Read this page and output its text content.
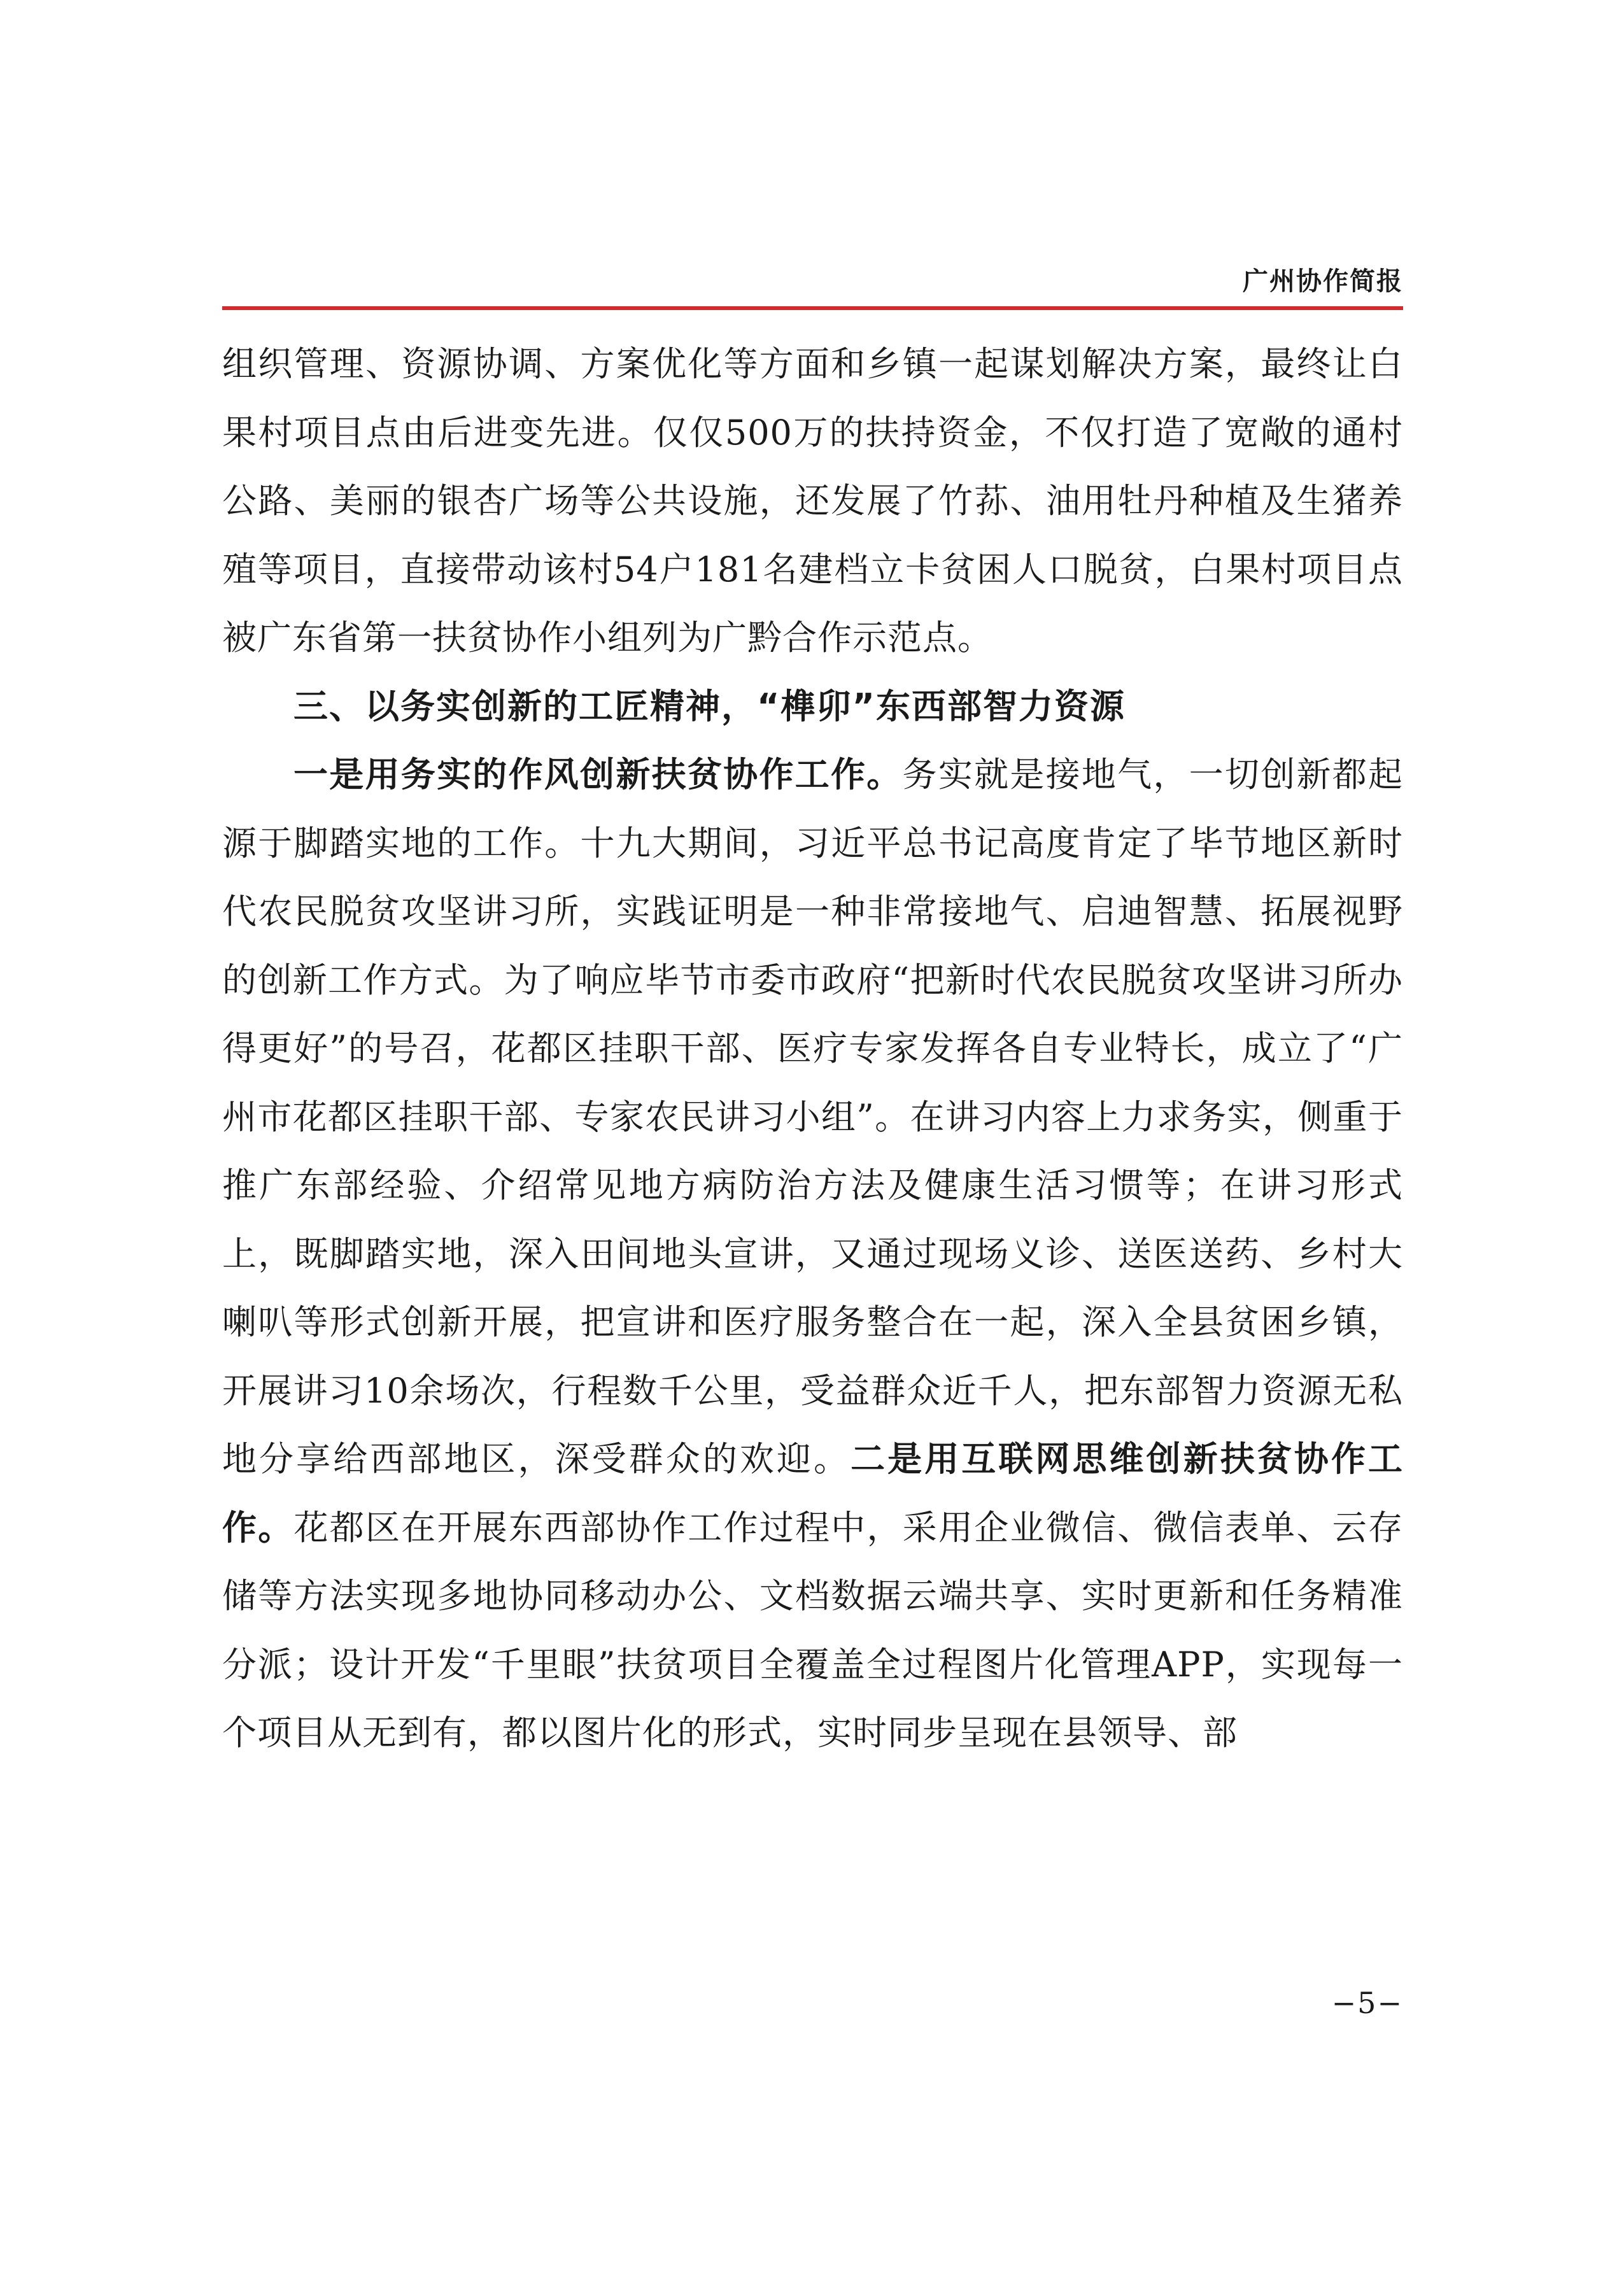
广州协作简报

组织管理、资源协调、方案优化等方面和乡镇一起谋划解决方案，最终让白果村项目点由后进变先进。仅仅500万的扶持资金，不仅打造了宽敞的通村公路、美丽的银杏广场等公共设施，还发展了竹荪、油用牡丹种植及生猪养殖等项目，直接带动该村54户181名建档立卡贫困人口脱贫，白果村项目点被广东省第一扶贫协作小组列为广黔合作示范点。

三、以务实创新的工匠精神，“榫卯”东西部智力资源

一是用务实的作风创新扶贫协作工作。务实就是接地气，一切创新都起源于脚踏实地的工作。十九大期间，习近平总书记高度肯定了毕节地区新时代农民脱贫攻坚讲习所，实践证明是一种非常接地气、启迪智慧、拓展视野的创新工作方式。为了响应毕节市委市政府“把新时代农民脱贫攻坚讲习所办得更好”的号召，花都区挂职干部、医疗专家发挥各自专业特长，成立了“广州市花都区挂职干部、专家农民讲习小组”。在讲习内容上力求务实，侧重于推广东部经验、介绍常见地方病防治方法及健康生活习惯等；在讲习形式上，既脚踏实地，深入田间地头宣讲，又通过现场义诊、送医送药、乡村大喇叭等形式创新开展，把宣讲和医疗服务整合在一起，深入全县贫困乡镇，开展讲习10余场次，行程数千公里，受益群众近千人，把东部智力资源无私地分享给西部地区，深受群众的欢迎。二是用互联网思维创新扶贫协作工作。花都区在开展东西部协作工作过程中，采用企业微信、微信表单、云存储等方法实现多地协同移动办公、文档数据云端共享、实时更新和任务精准分派；设计开发“千里眼”扶贫项目全覆盖全过程图片化管理APP，实现每一个项目从无到有，都以图片化的形式，实时同步呈现在县领导、部

−5−
